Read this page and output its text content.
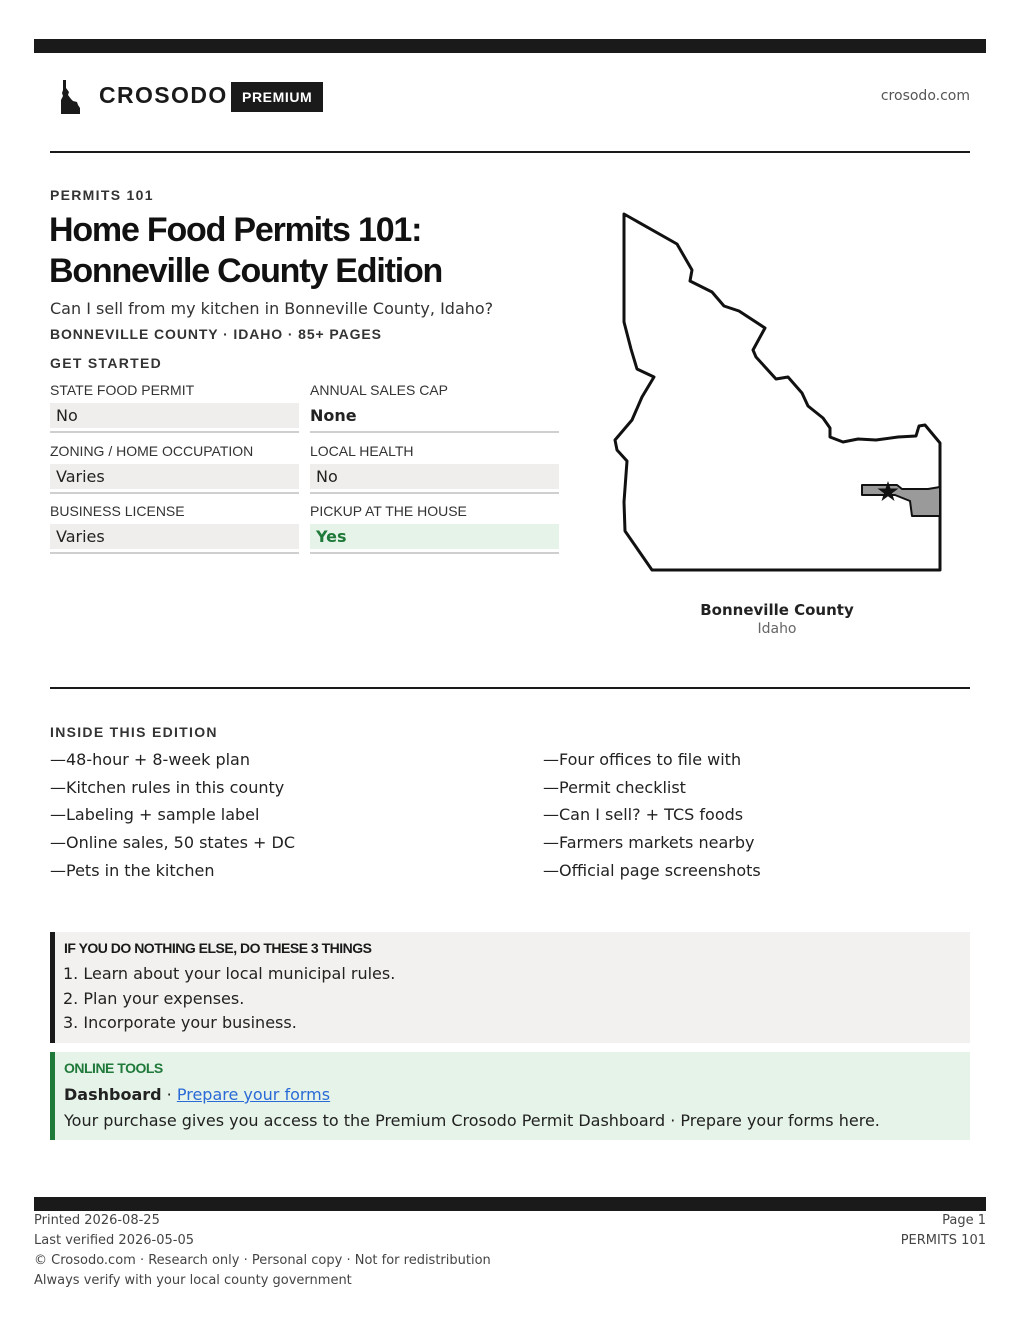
CROSODO	PREMIUM	crosodo.com
PERMITS 101
Home Food Permits 101:
Bonneville County Edition
Can I sell from my kitchen in Bonneville County, Idaho?
BONNEVILLE COUNTY · IDAHO · 85+ PAGES
GET STARTED
STATE FOOD PERMIT
No
ANNUAL SALES CAP
None
ZONING / HOME OCCUPATION
Varies
LOCAL HEALTH
No
BUSINESS LICENSE
Varies
PICKUP AT THE HOUSE
Yes
Bonneville County
Idaho
INSIDE THIS EDITION
—48-hour + 8-week plan
—Kitchen rules in this county
—Labeling + sample label
—Online sales, 50 states + DC
—Pets in the kitchen
—Four offices to file with
—Permit checklist
—Can I sell? + TCS foods
—Farmers markets nearby
—Official page screenshots
IF YOU DO NOTHING ELSE, DO THESE 3 THINGS
1. Learn about your local municipal rules.
2. Plan your expenses.
3. Incorporate your business.
ONLINE TOOLS
Dashboard · Prepare your forms
Your purchase gives you access to the Premium Crosodo Permit Dashboard · Prepare your forms here.
Printed 2026-08-25
Last verified 2026-05-05
© Crosodo.com · Research only · Personal copy · Not for redistribution
Always verify with your local county government
Page 1
PERMITS 101
